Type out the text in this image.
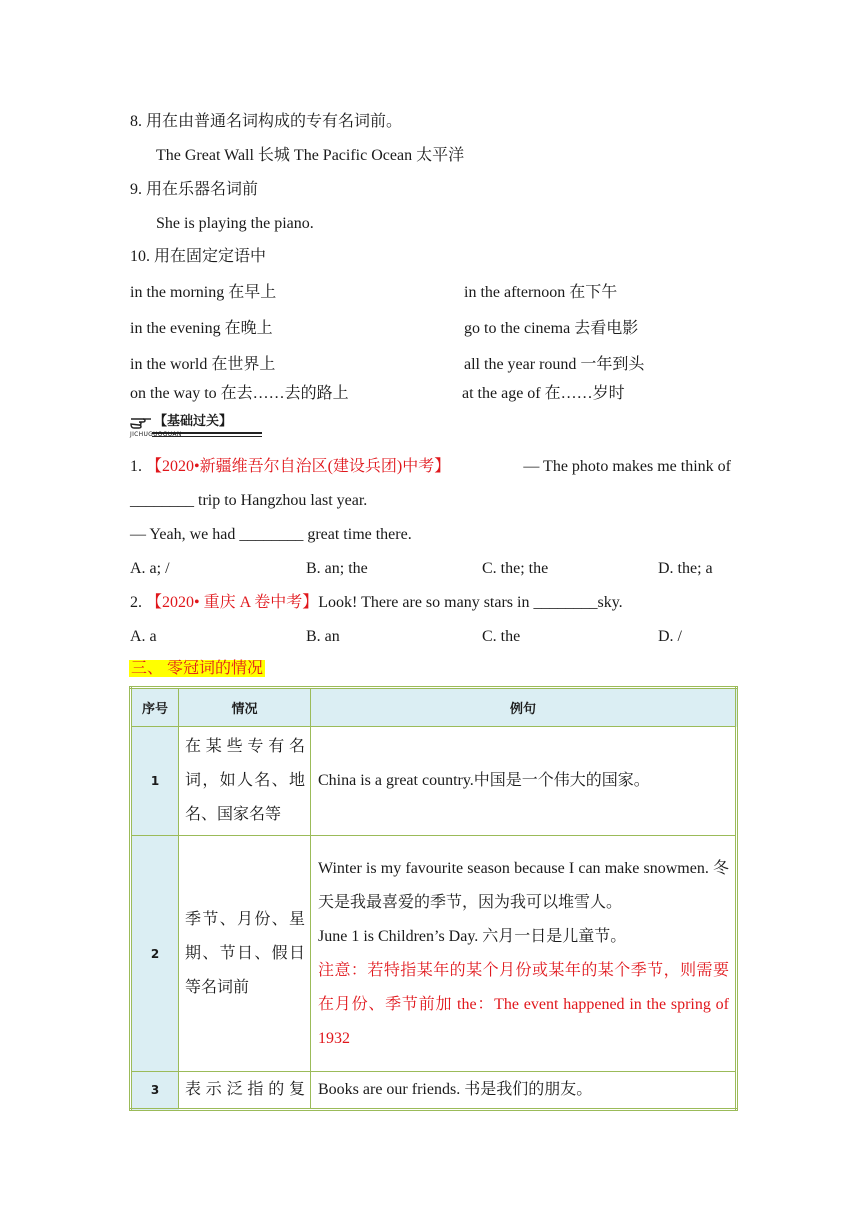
8. 用在由普通名词构成的专有名词前。
The Great Wall 长城 The Pacific Ocean 太平洋
9. 用在乐器名词前
She is playing the piano.
10. 用在固定定语中
in the morning 在早上	in the afternoon 在下午
in the evening 在晚上	go to the cinema 去看电影
in the world 在世界上	all the year round 一年到头
on the way to 在去……去的路上	at the age of 在……岁时
【基础过关】
JICHUGUOGUAN
1. 【2020•新疆维吾尔自治区(建设兵团)中考】	— The photo makes me think of
________ trip to Hangzhou last year.
— Yeah, we had ________ great time there.
A. a; /	B. an; the	C. the; the	D. the; a
2. 【2020• 重庆 A 卷中考】Look! There are so many stars in ________sky.
A. a	B. an	C. the	D. /
三、 零冠词的情况
序号	情况	例句
1	在某些专有名词，如人名、地名、国家名等	China is a great country.中国是一个伟大的国家。

2	季节、月份、星期、节日、假日等名词前	Winter is my favourite season because I can make snowmen. 冬天是我最喜爱的季节，因为我可以堆雪人。
June 1 is Children’s Day. 六月一日是儿童节。
注意：若特指某年的某个月份或某年的某个季节，则需要在月份、季节前加 the：The event happened in the spring of 1932

3	表示泛指的复	Books are our friends. 书是我们的朋友。
